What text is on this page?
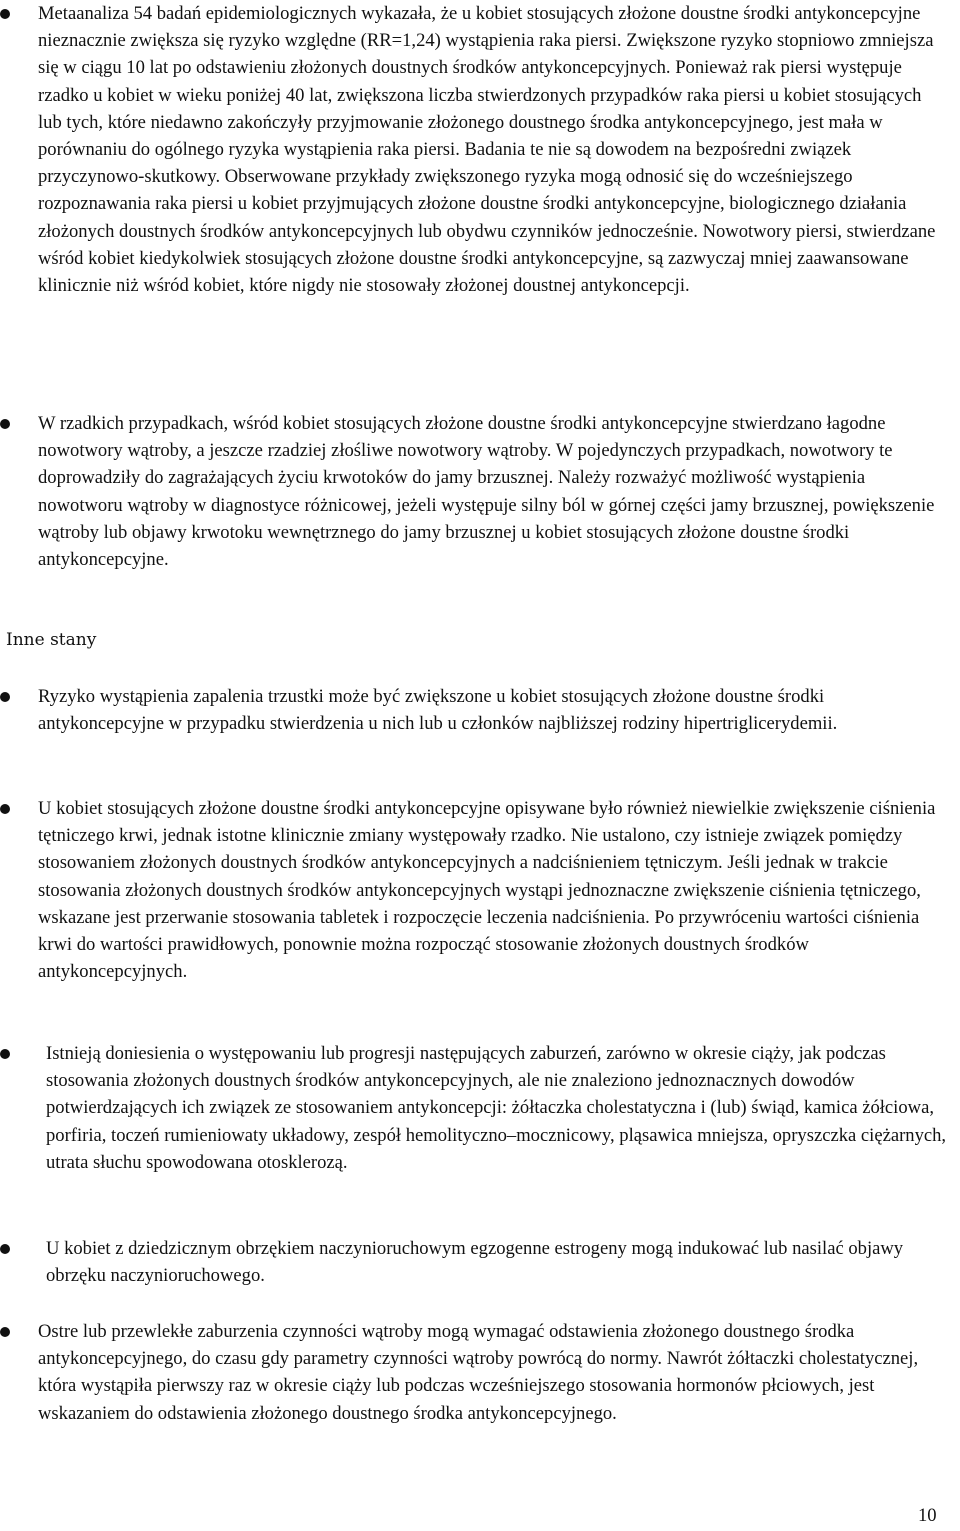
Metaanaliza 54 badań epidemiologicznych wykazała, że u kobiet stosujących złożone doustne środki antykoncepcyjne nieznacznie zwiększa się ryzyko względne (RR=1,24) wystąpienia raka piersi. Zwiększone ryzyko stopniowo zmniejsza się w ciągu 10 lat po odstawieniu złożonych doustnych środków antykoncepcyjnych. Ponieważ rak piersi występuje rzadko u kobiet w wieku poniżej 40 lat, zwiększona liczba stwierdzonych przypadków raka piersi u kobiet stosujących lub tych, które niedawno zakończyły przyjmowanie złożonego doustnego środka antykoncepcyjnego, jest mała w porównaniu do ogólnego ryzyka wystąpienia raka piersi. Badania te nie są dowodem na bezpośredni związek przyczynowo-skutkowy. Obserwowane przykłady zwiększonego ryzyka mogą odnosić się do wcześniejszego rozpoznawania raka piersi u kobiet przyjmujących złożone doustne środki antykoncepcyjne, biologicznego działania złożonych doustnych środków antykoncepcyjnych lub obydwu czynników jednocześnie. Nowotwory piersi, stwierdzane wśród kobiet kiedykolwiek stosujących złożone doustne środki antykoncepcyjne, są zazwyczaj mniej zaawansowane klinicznie niż wśród kobiet, które nigdy nie stosowały złożonej doustnej antykoncepcji.

W rzadkich przypadkach, wśród kobiet stosujących złożone doustne środki antykoncepcyjne stwierdzano łagodne nowotwory wątroby, a jeszcze rzadziej złośliwe nowotwory wątroby. W pojedynczych przypadkach, nowotwory te doprowadziły do zagrażających życiu krwotoków do jamy brzusznej. Należy rozważyć możliwość wystąpienia nowotworu wątroby w diagnostyce różnicowej, jeżeli występuje silny ból w górnej części jamy brzusznej, powiększenie wątroby lub objawy krwotoku wewnętrznego do jamy brzusznej u kobiet stosujących złożone doustne środki antykoncepcyjne.

Inne stany

Ryzyko wystąpienia zapalenia trzustki może być zwiększone u kobiet stosujących złożone doustne środki antykoncepcyjne w przypadku stwierdzenia u nich lub u członków najbliższej rodziny hipertriglicerydemii.

U kobiet stosujących złożone doustne środki antykoncepcyjne opisywane było również niewielkie zwiększenie ciśnienia tętniczego krwi, jednak istotne klinicznie zmiany występowały rzadko. Nie ustalono, czy istnieje związek pomiędzy stosowaniem złożonych doustnych środków antykoncepcyjnych a nadciśnieniem tętniczym. Jeśli jednak w trakcie stosowania złożonych doustnych środków antykoncepcyjnych wystąpi jednoznaczne zwiększenie ciśnienia tętniczego, wskazane jest przerwanie stosowania tabletek i rozpoczęcie leczenia nadciśnienia. Po przywróceniu wartości ciśnienia krwi do wartości prawidłowych, ponownie można rozpocząć stosowanie złożonych doustnych środków antykoncepcyjnych.

Istnieją doniesienia o występowaniu lub progresji następujących zaburzeń, zarówno w okresie ciąży, jak podczas stosowania złożonych doustnych środków antykoncepcyjnych, ale nie znaleziono jednoznacznych dowodów potwierdzających ich związek ze stosowaniem antykoncepcji: żółtaczka cholestatyczna i (lub) świąd, kamica żółciowa, porfiria, toczeń rumieniowaty układowy, zespół hemolityczno–mocznicowy, pląsawica mniejsza, opryszczka ciężarnych, utrata słuchu spowodowana otosklerozą.

U kobiet z dziedzicznym obrzękiem naczynioruchowym egzogenne estrogeny mogą indukować lub nasilać objawy obrzęku naczynioruchowego.

Ostre lub przewlekłe zaburzenia czynności wątroby mogą wymagać odstawienia złożonego doustnego środka antykoncepcyjnego, do czasu gdy parametry czynności wątroby powrócą do normy. Nawrót żółtaczki cholestatycznej, która wystąpiła pierwszy raz w okresie ciąży lub podczas wcześniejszego stosowania hormonów płciowych, jest wskazaniem do odstawienia złożonego doustnego środka antykoncepcyjnego.

10
